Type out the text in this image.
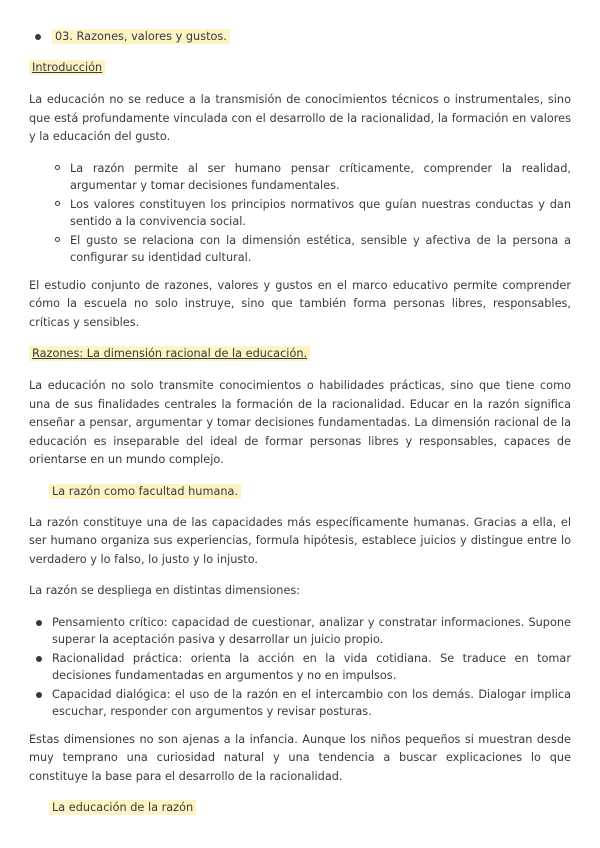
03. Razones, valores y gustos.
Introducción

La educación no se reduce a la transmisión de conocimientos técnicos o instrumentales, sino que está profundamente vinculada con el desarrollo de la racionalidad, la formación en valores y la educación del gusto.

La razón permite al ser humano pensar críticamente, comprender la realidad, argumentar y tomar decisiones fundamentales.
Los valores constituyen los principios normativos que guían nuestras conductas y dan sentido a la convivencia social.
El gusto se relaciona con la dimensión estética, sensible y afectiva de la persona a configurar su identidad cultural.

El estudio conjunto de razones, valores y gustos en el marco educativo permite comprender cómo la escuela no solo instruye, sino que también forma personas libres, responsables, críticas y sensibles.

Razones: La dimensión racional de la educación.

La educación no solo transmite conocimientos o habilidades prácticas, sino que tiene como una de sus finalidades centrales la formación de la racionalidad. Educar en la razón significa enseñar a pensar, argumentar y tomar decisiones fundamentadas. La dimensión racional de la educación es inseparable del ideal de formar personas libres y responsables, capaces de orientarse en un mundo complejo.

La razón como facultad humana.

La razón constituye una de las capacidades más específicamente humanas. Gracias a ella, el ser humano organiza sus experiencias, formula hipótesis, establece juicios y distingue entre lo verdadero y lo falso, lo justo y lo injusto.

La razón se despliega en distintas dimensiones:

Pensamiento crítico: capacidad de cuestionar, analizar y constratar informaciones. Supone superar la aceptación pasiva y desarrollar un juicio propio.
Racionalidad práctica: orienta la acción en la vida cotidiana. Se traduce en tomar decisiones fundamentadas en argumentos y no en impulsos.
Capacidad dialógica: el uso de la razón en el intercambio con los demás. Dialogar implica escuchar, responder con argumentos y revisar posturas.

Estas dimensiones no son ajenas a la infancia. Aunque los niños pequeños si muestran desde muy temprano una curiosidad natural y una tendencia a buscar explicaciones lo que constituye la base para el desarrollo de la racionalidad.

La educación de la razón
